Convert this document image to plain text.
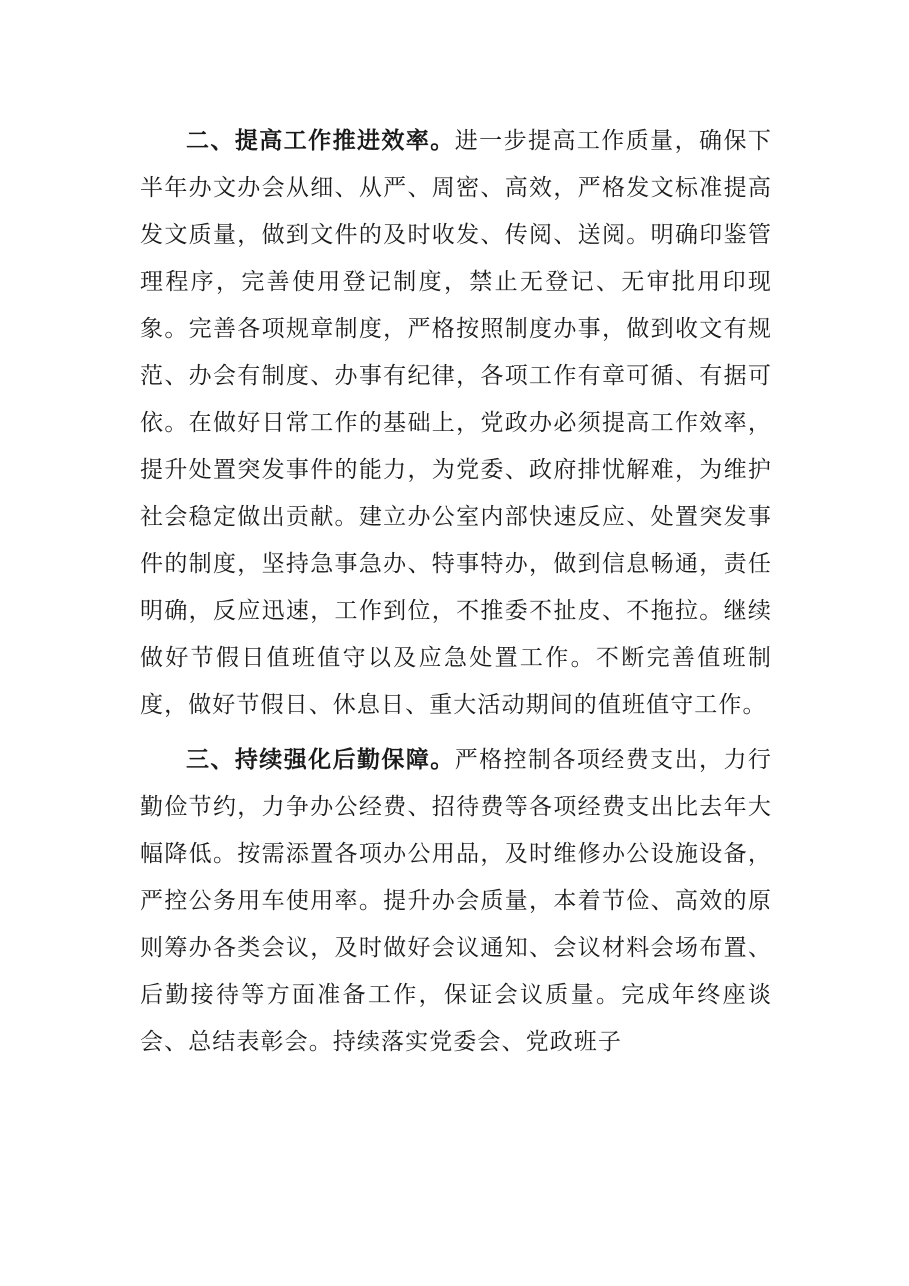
二、提高工作推进效率。进一步提高工作质量，确保下半年办文办会从细、从严、周密、高效，严格发文标准提高发文质量，做到文件的及时收发、传阅、送阅。明确印鉴管理程序，完善使用登记制度，禁止无登记、无审批用印现象。完善各项规章制度，严格按照制度办事，做到收文有规范、办会有制度、办事有纪律，各项工作有章可循、有据可依。在做好日常工作的基础上，党政办必须提高工作效率，提升处置突发事件的能力，为党委、政府排忧解难，为维护社会稳定做出贡献。建立办公室内部快速反应、处置突发事件的制度，坚持急事急办、特事特办，做到信息畅通，责任明确，反应迅速，工作到位，不推委不扯皮、不拖拉。继续做好节假日值班值守以及应急处置工作。不断完善值班制度，做好节假日、休息日、重大活动期间的值班值守工作。

三、持续强化后勤保障。严格控制各项经费支出，力行勤俭节约，力争办公经费、招待费等各项经费支出比去年大幅降低。按需添置各项办公用品，及时维修办公设施设备，严控公务用车使用率。提升办会质量，本着节俭、高效的原则筹办各类会议，及时做好会议通知、会议材料会场布置、后勤接待等方面准备工作，保证会议质量。完成年终座谈会、总结表彰会。持续落实党委会、党政班子
